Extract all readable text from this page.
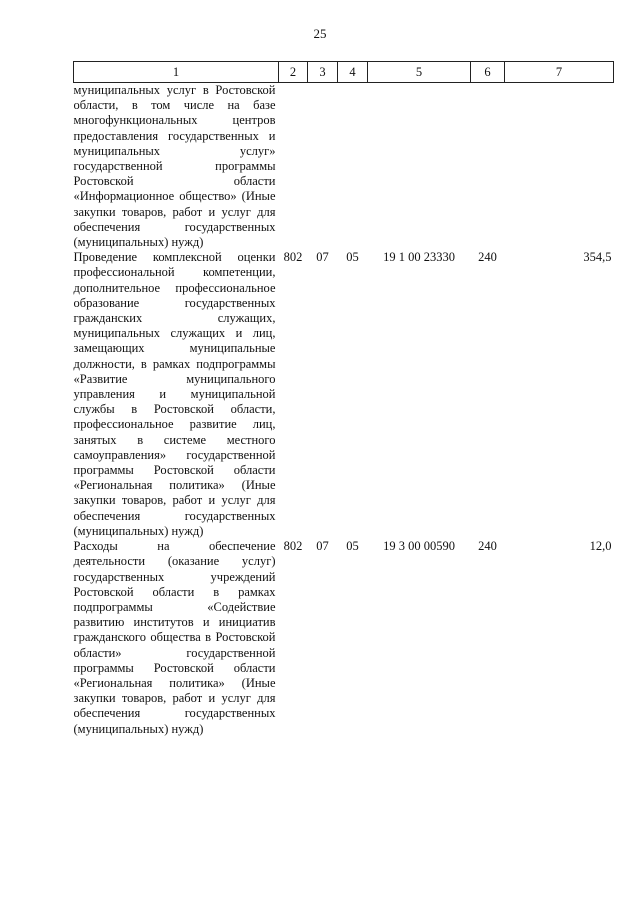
25
1	2	3	4	5	6	7
муниципальных услуг в Ростовской области, в том числе на базе многофункциональных центров предоставления государственных и муниципальных услуг» государственной программы Ростовской области «Информационное общество» (Иные закупки товаров, работ и услуг для обеспечения государственных (муниципальных) нужд)						
Проведение комплексной оценки профессиональной компетенции, дополнительное профессиональное образование государственных гражданских служащих, муниципальных служащих и лиц, замещающих муниципальные должности, в рамках подпрограммы «Развитие муниципального управления и муниципальной службы в Ростовской области, профессиональное развитие лиц, занятых в системе местного самоуправления» государственной программы Ростовской области «Региональная политика» (Иные закупки товаров, работ и услуг для обеспечения государственных (муниципальных) нужд)	802	07	05	19 1 00 23330	240	354,5
Расходы на обеспечение деятельности (оказание услуг) государственных учреждений Ростовской области в рамках подпрограммы «Содействие развитию институтов и инициатив гражданского общества в Ростовской области» государственной программы Ростовской области «Региональная политика» (Иные закупки товаров, работ и услуг для обеспечения государственных (муниципальных) нужд)	802	07	05	19 3 00 00590	240	12,0
